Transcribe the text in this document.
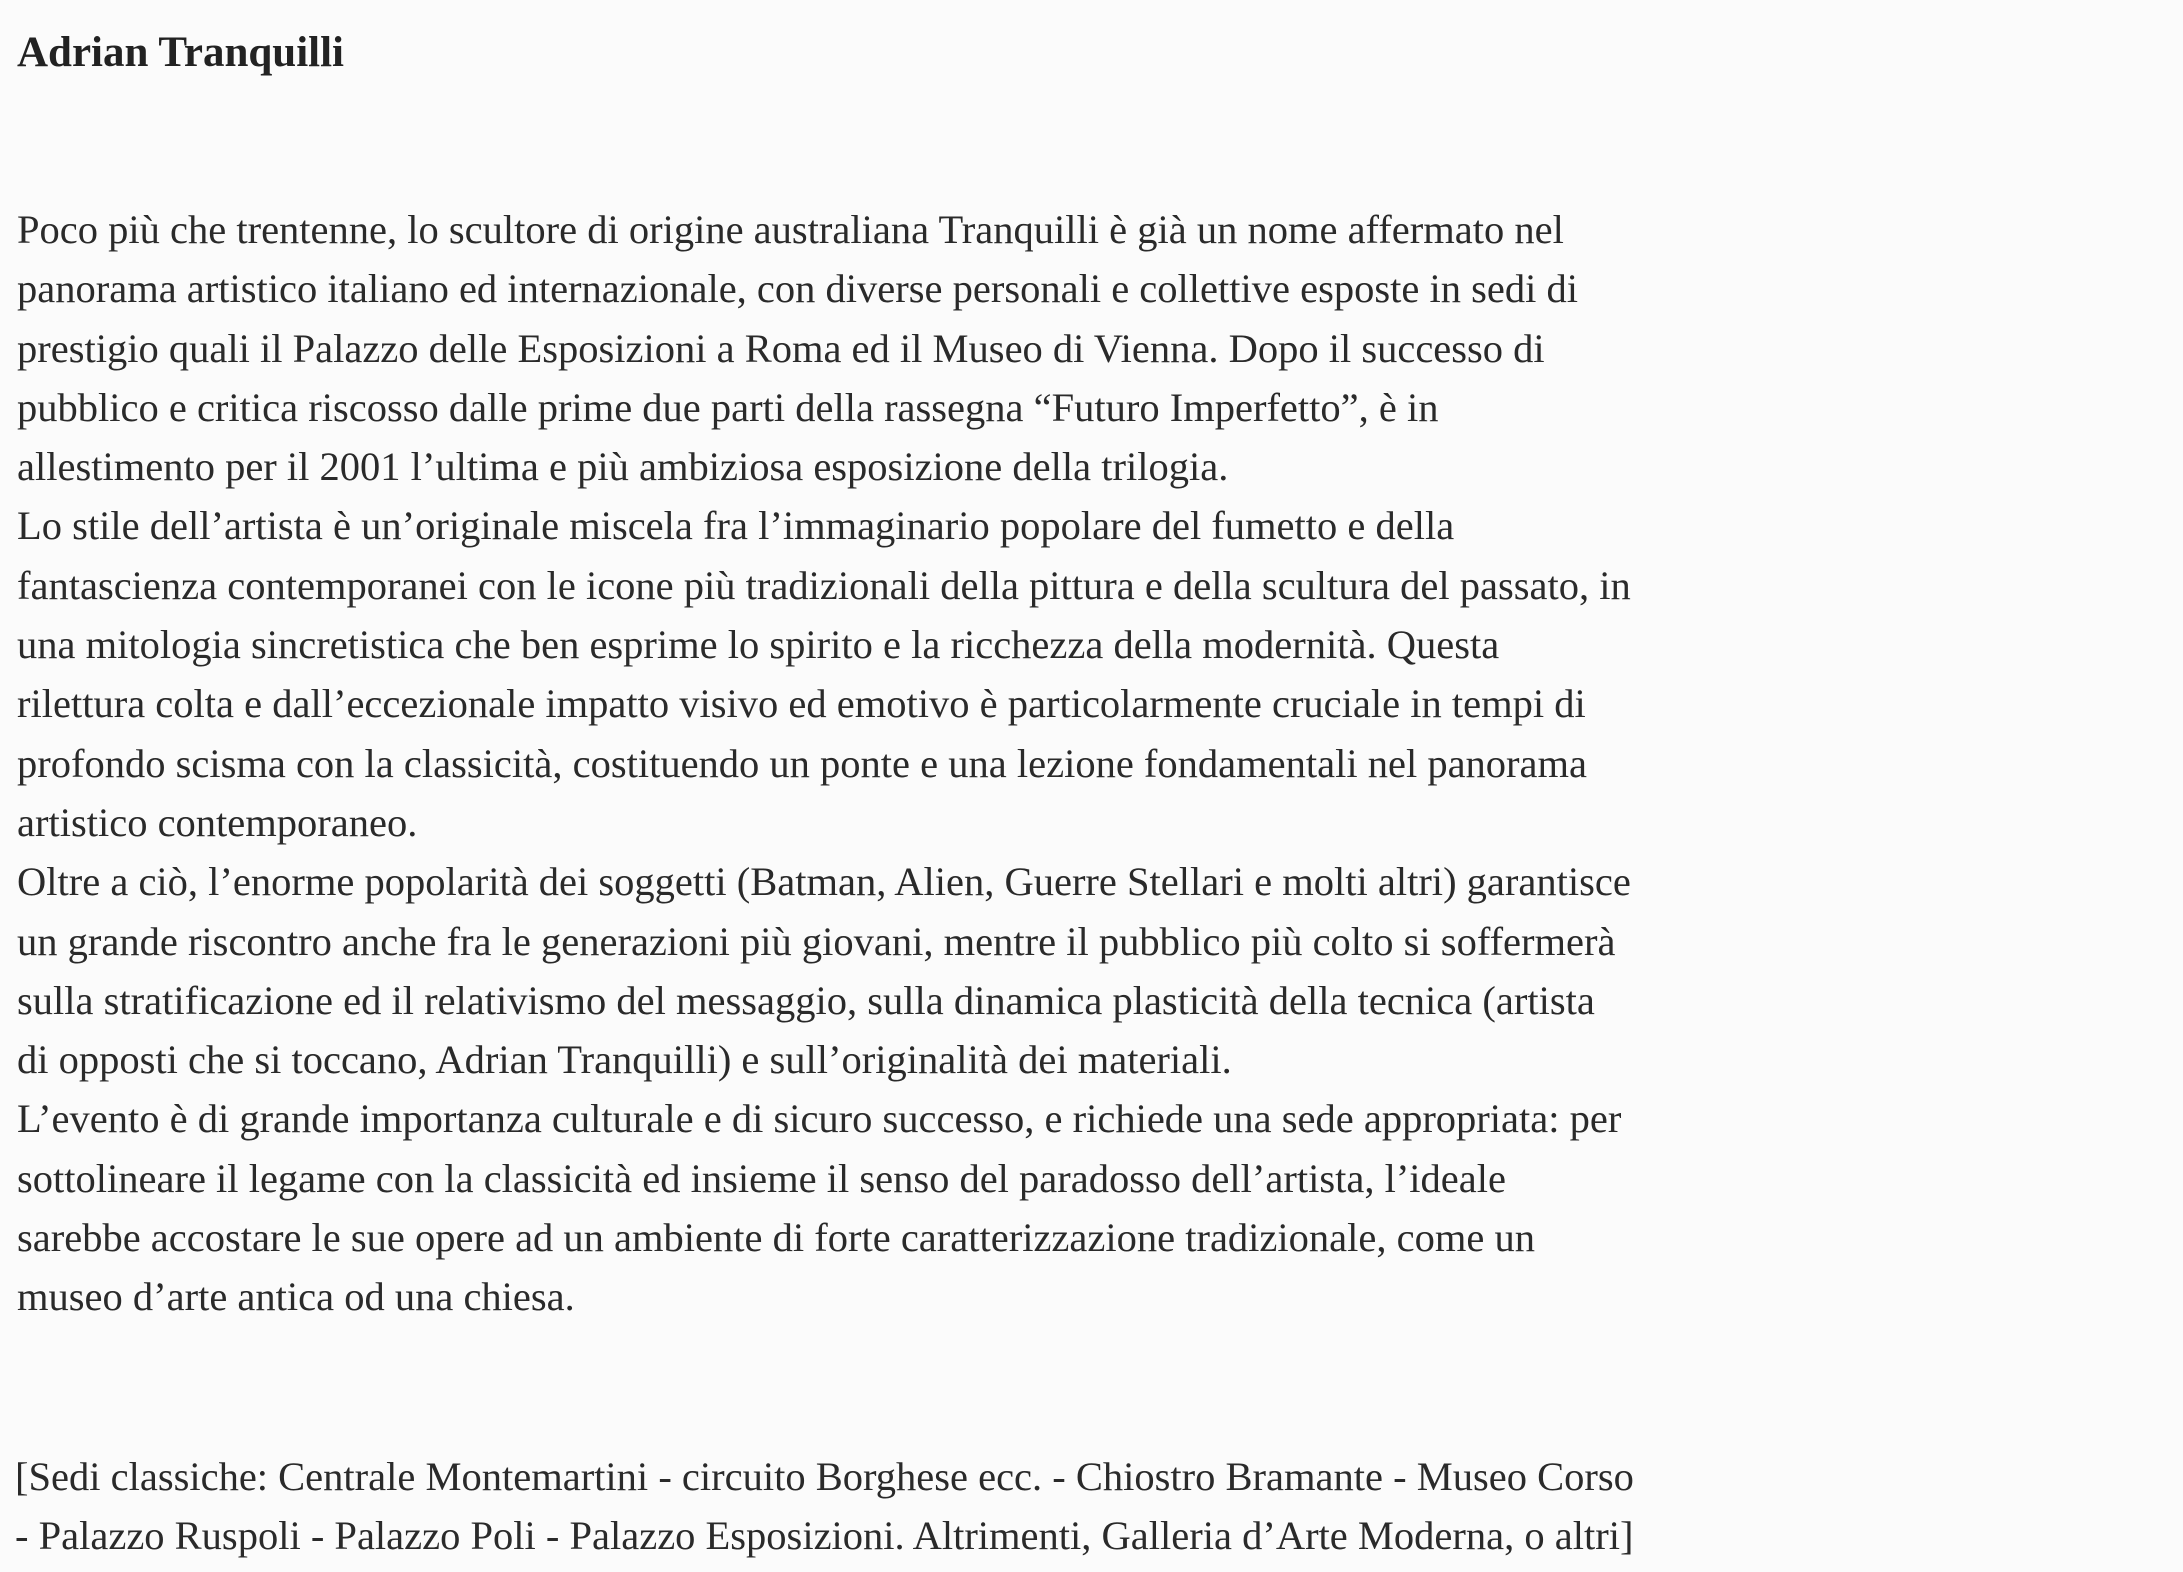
Adrian Tranquilli
Poco più che trentenne, lo scultore di origine australiana Tranquilli è già un nome affermato nel
panorama artistico italiano ed internazionale, con diverse personali e collettive esposte in sedi di
prestigio quali il Palazzo delle Esposizioni a Roma ed il Museo di Vienna. Dopo il successo di
pubblico e critica riscosso dalle prime due parti della rassegna “Futuro Imperfetto”, è in
allestimento per il 2001 l’ultima e più ambiziosa esposizione della trilogia.
Lo stile dell’artista è un’originale miscela fra l’immaginario popolare del fumetto e della
fantascienza contemporanei con le icone più tradizionali della pittura e della scultura del passato, in
una mitologia sincretistica che ben esprime lo spirito e la ricchezza della modernità. Questa
rilettura colta e dall’eccezionale impatto visivo ed emotivo è particolarmente cruciale in tempi di
profondo scisma con la classicità, costituendo un ponte e una lezione fondamentali nel panorama
artistico contemporaneo.
Oltre a ciò, l’enorme popolarità dei soggetti (Batman, Alien, Guerre Stellari e molti altri) garantisce
un grande riscontro anche fra le generazioni più giovani, mentre il pubblico più colto si soffermerà
sulla stratificazione ed il relativismo del messaggio, sulla dinamica plasticità della tecnica (artista
di opposti che si toccano, Adrian Tranquilli) e sull’originalità dei materiali.
L’evento è di grande importanza culturale e di sicuro successo, e richiede una sede appropriata: per
sottolineare il legame con la classicità ed insieme il senso del paradosso dell’artista, l’ideale
sarebbe accostare le sue opere ad un ambiente di forte caratterizzazione tradizionale, come un
museo d’arte antica od una chiesa.
[Sedi classiche: Centrale Montemartini - circuito Borghese ecc. - Chiostro Bramante - Museo Corso
- Palazzo Ruspoli - Palazzo Poli - Palazzo Esposizioni. Altrimenti, Galleria d’Arte Moderna, o altri]
